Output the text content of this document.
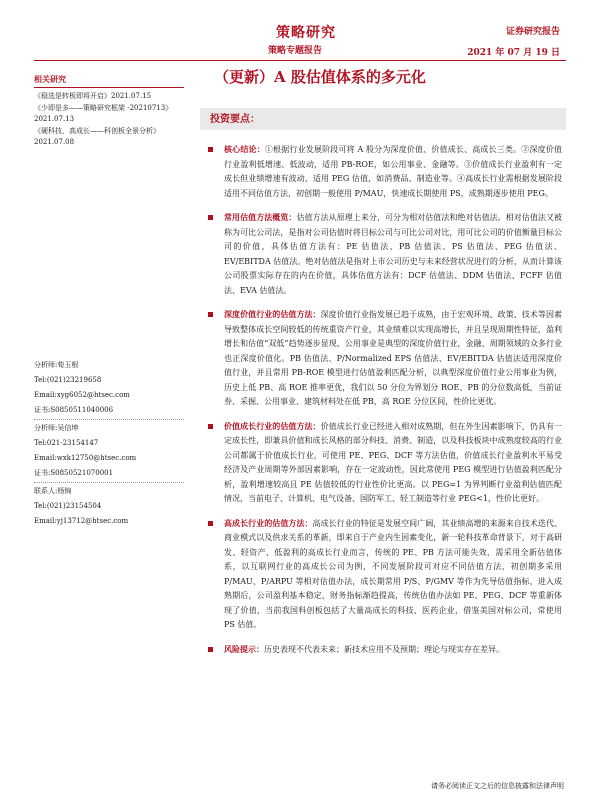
策略研究
策略专题报告
证券研究报告
2021 年 07 月 19 日
相关研究
《稳选是转板即将开启》2021.07.15
《少即是多——策略研究框架 -20210713》2021.07.13
《硬科技，高成长——科创板全景分析》2021.07.08
分析师:荀玉根
Tel:(021)23219658
Email:xyg6052@htsec.com
证书:S0850511040006
分析师:吴信坤
Tel:021-23154147
Email:wxk12750@htsec.com
证书:S0850521070001
联系人:杨锦
Tel:(021)23154504
Email:yj13712@htsec.com
（更新）A 股估值体系的多元化
投资要点：
核心结论：①根据行业发展阶段可将 A 股分为深度价值、价值成长、高成长三类。②深度价值行业盈利低增速、低波动，适用 PB-ROE，如公用事业、金融等。③价值成长行业盈利有一定成长但业绩增速有波动，适用 PEG 估值，如消费品、制造业等。④高成长行业需根据发展阶段适用不同估值方法，初创期一般使用 P/MAU，快速成长期使用 PS，成熟期逐步使用 PEG。
常用估值方法概览：估值方法从原理上来分，可分为相对估值法和绝对估值法。相对估值法又被称为可比公司法，是指对公司估值时将目标公司与可比公司对比，用可比公司的价值衡量目标公司的价值，具体估值方法有：PE 估值法、PB 估值法、PS 估值法、PEG 估值法、EV/EBITDA 估值法。绝对估值法是指对上市公司历史与未来经营状况进行的分析，从而计算该公司股票实际存在的内在价值，具体估值方法有：DCF 估值法、DDM 估值法、FCFF 估值法、EVA 估值法。
深度价值行业的估值方法：深度价值行业指发展已趋于成熟，由于宏观环境、政策、技术等因素导致整体成长空间较低的传统重资产行业，其业绩难以实现高增长，并且呈现周期性特征，盈利增长和估值“双低”趋势逐步显现，公用事业是典型的深度价值行业，金融、周期领域的众多行业也正深度价值化。PB 估值法、P/Normalized EPS 估值法、EV/EBITDA 估值法适用深度价值行业，并且常用 PB-ROE 模型进行估值盈利匹配分析，以典型深度价值行业公用事业为例，历史上低 PB、高 ROE 推率更优，我们以 50 分位为界划分 ROE、PB 的分位数高低，当前证券、采掘、公用事业、建筑材料处在低 PB、高 ROE 分位区间，性价比更优。
价值成长行业的估值方法：价值成长行业已经进入相对成熟期，但在外生因素影响下，仍具有一定成长性，即兼具价值和成长风格的部分科技、消费、制造，以及科技板块中成熟度较高的行业公司都属于价值成长行业，可使用 PE、PEG、DCF 等方法估值，价值成长行业盈利水平易受经济及产业周期等外部因素影响，存在一定波动性，因此常使用 PEG 模型进行估值盈利匹配分析，盈利增速较高且 PE 估值较低的行业性价比更高。以 PEG=1 为界判断行业盈利估值匹配情况，当前电子、计算机、电气设备、国防军工、轻工制造等行业 PEG<1，性价比更好。
高成长行业的估值方法：高成长行业的特征是发展空间广阔，其业绩高增的来源来自技术迭代、商业模式以及供求关系的革新，即来自于产业内生因素变化，新一轮科技革命背景下，对于高研发、轻资产、低盈利的高成长行业而言，传统的 PE、PB 方法可能失效，需采用全新估值体系，以互联网行业的高成长公司为例，不同发展阶段可对应不同估值方法，初创期多采用 P/MAU、P/ARPU 等相对估值办法，成长期常用 P/S、P/GMV 等作为先导估值指标，进入成熟期后，公司盈利基本稳定，财务指标渐趋提高，传统估值办法如 PE、PEG、DCF 等重新体现了价值，当前我国科创板包括了大量高成长的科技、医药企业，借鉴美国对标公司，常使用 PS 估值。
风险提示：历史表现不代表未来；新技术应用不及预期；理论与现实存在差异。
请务必阅读正文之后的信息披露和法律声明
